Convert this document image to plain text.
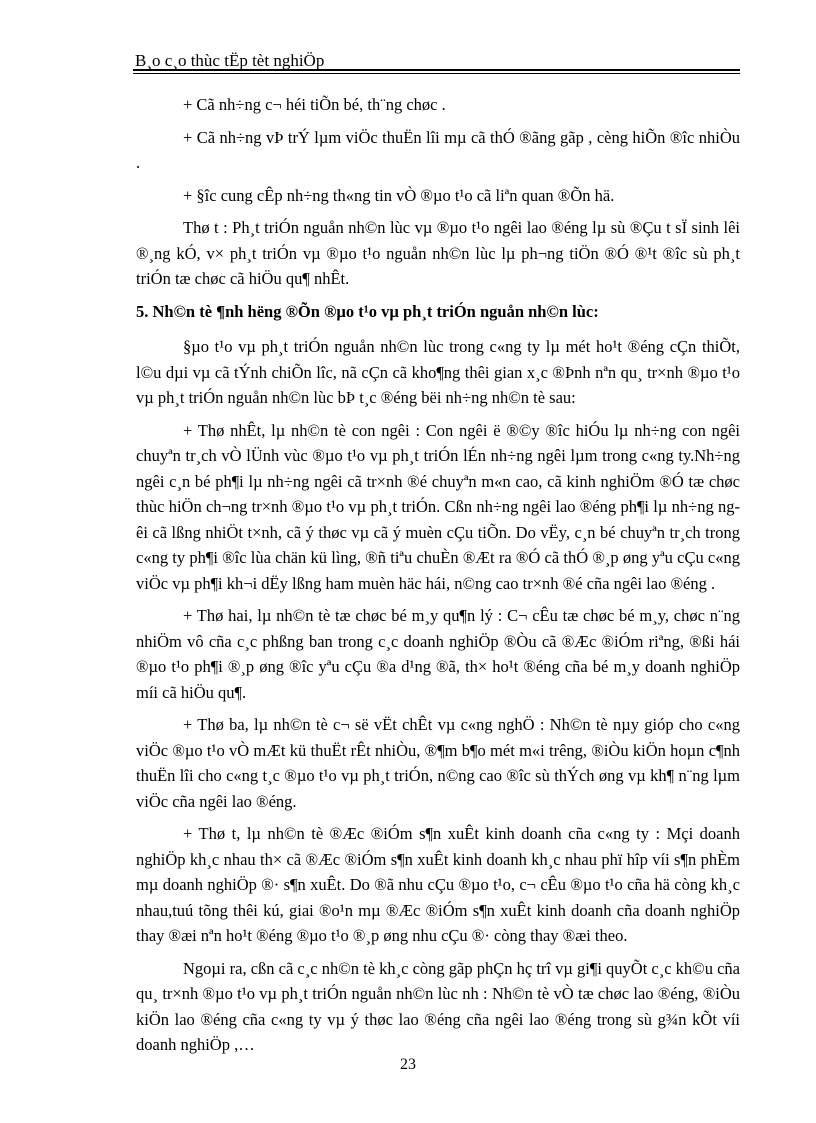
B¸o c¸o thùc tËp tèt nghiÖp

+ Cã nh÷ng c¬ héi tiÕn bé, th¨ng chøc .

+ Cã nh÷ng vÞ trÝ lµm viÖc thuËn lîi mµ cã thÓ ®ãng gãp , cèng hiÕn ®îc nhiÒu .

+ §îc cung cÊp nh÷ng th«ng tin vÒ ®µo t¹o cã liªn quan ®Õn hä.

Thø t : Ph¸t triÓn nguån nh©n lùc vµ ®µo t¹o ngêi lao ®éng lµ sù ®Çu t sÏ sinh lêi ®¸ng kÓ, v× ph¸t triÓn vµ ®µo t¹o nguån nh©n lùc lµ ph¬ng tiÖn ®Ó ®¹t ®îc sù ph¸t triÓn tæ chøc cã hiÖu qu¶ nhÊt.

5. Nh©n tè ¶nh hëng ®Õn ®µo t¹o vµ ph¸t triÓn nguån nh©n lùc:

§µo t¹o vµ ph¸t triÓn nguån nh©n lùc trong c«ng ty lµ mét ho¹t ®éng cÇn thiÕt, l©u dµi vµ cã tÝnh chiÕn lîc, nã cÇn cã kho¶ng thêi gian x¸c ®Þnh nªn qu¸ tr×nh ®µo t¹o vµ ph¸t triÓn nguån nh©n lùc bÞ t¸c ®éng bëi nh÷ng nh©n tè sau:

+ Thø nhÊt, lµ nh©n tè con ngêi : Con ngêi ë ®©y ®îc hiÓu lµ nh÷ng con ngêi chuyªn tr¸ch vÒ lÜnh vùc ®µo t¹o vµ ph¸t triÓn lÉn nh÷ng ngêi lµm trong c«ng ty.Nh÷ng ngêi c¸n bé ph¶i lµ nh÷ng ngêi cã tr×nh ®é chuyªn m«n cao, cã kinh nghiÖm ®Ó tæ chøc thùc hiÖn ch¬ng tr×nh ®µo t¹o vµ ph¸t triÓn. Cßn nh÷ng ngêi lao ®éng ph¶i lµ nh÷ng ngêi cã lßng nhiÖt t×nh, cã ý thøc vµ cã ý muèn cÇu tiÕn. Do vËy, c¸n bé chuyªn tr¸ch trong c«ng ty ph¶i ®îc lùa chän kü lìng, ®ñ tiªu chuÈn ®Æt ra ®Ó cã thÓ ®¸p øng yªu cÇu c«ng viÖc vµ ph¶i kh¬i dËy lßng ham muèn häc hái, n©ng cao tr×nh ®é cña ngêi lao ®éng .

+ Thø hai, lµ nh©n tè tæ chøc bé m¸y qu¶n lý : C¬ cÊu tæ chøc bé m¸y, chøc n¨ng nhiÖm vô cña c¸c phßng ban trong c¸c doanh nghiÖp ®Òu cã ®Æc ®iÓm riªng, ®ßi hái ®µo t¹o ph¶i ®¸p øng ®îc yªu cÇu ®a d¹ng ®ã, th× ho¹t ®éng cña bé m¸y doanh nghiÖp míi cã hiÖu qu¶.

+ Thø ba, lµ nh©n tè c¬ së vËt chÊt vµ c«ng nghÖ : Nh©n tè nµy gióp cho c«ng viÖc ®µo t¹o vÒ mÆt kü thuËt rÊt nhiÒu, ®¶m b¶o mét m«i trêng, ®iÒu kiÖn hoµn c¶nh thuËn lîi cho c«ng t¸c ®µo t¹o vµ ph¸t triÓn, n©ng cao ®îc sù thÝch øng vµ kh¶ n¨ng lµm viÖc cña ngêi lao ®éng.

+ Thø t, lµ nh©n tè ®Æc ®iÓm s¶n xuÊt kinh doanh cña c«ng ty : Mçi doanh nghiÖp kh¸c nhau th× cã ®Æc ®iÓm s¶n xuÊt kinh doanh kh¸c nhau phï hîp víi s¶n phÈm mµ doanh nghiÖp ®· s¶n xuÊt. Do ®ã nhu cÇu ®µo t¹o, c¬ cÊu ®µo t¹o cña hä còng kh¸c nhau,tuú tõng thêi kú, giai ®o¹n mµ ®Æc ®iÓm s¶n xuÊt kinh doanh cña doanh nghiÖp thay ®æi nªn ho¹t ®éng ®µo t¹o ®¸p øng nhu cÇu ®· còng thay ®æi theo.

Ngoµi ra, cßn cã c¸c nh©n tè kh¸c còng gãp phÇn hç trî vµ gi¶i quyÕt c¸c kh©u cña qu¸ tr×nh ®µo t¹o vµ ph¸t triÓn nguån nh©n lùc nh : Nh©n tè vÒ tæ chøc lao ®éng, ®iÒu kiÖn lao ®éng cña c«ng ty vµ ý thøc lao ®éng cña ngêi lao ®éng trong sù g¾n kÕt víi doanh nghiÖp ,…

23
